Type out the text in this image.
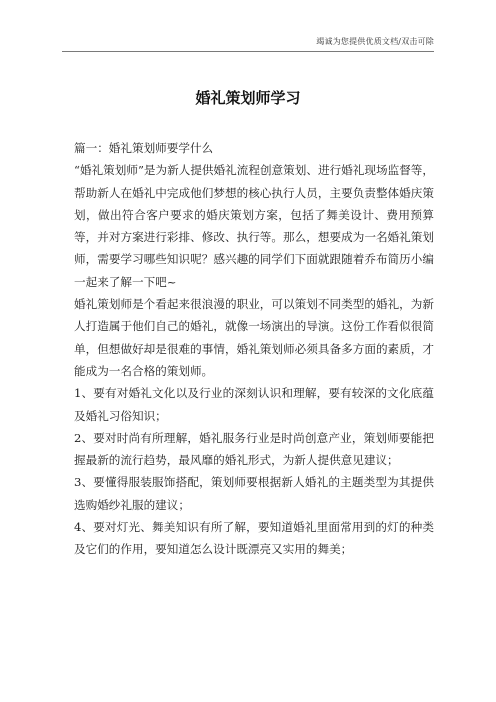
竭诚为您提供优质文档/双击可除
婚礼策划师学习

篇一：婚礼策划师要学什么

“婚礼策划师”是为新人提供婚礼流程创意策划、进行婚礼现场监督等，帮助新人在婚礼中完成他们梦想的核心执行人员，主要负责整体婚庆策划，做出符合客户要求的婚庆策划方案，包括了舞美设计、费用预算等，并对方案进行彩排、修改、执行等。那么，想要成为一名婚礼策划师，需要学习哪些知识呢？感兴趣的同学们下面就跟随着乔布简历小编一起来了解一下吧~

婚礼策划师是个看起来很浪漫的职业，可以策划不同类型的婚礼，为新人打造属于他们自己的婚礼，就像一场演出的导演。这份工作看似很简单，但想做好却是很难的事情，婚礼策划师必须具备多方面的素质，才能成为一名合格的策划师。

1、要有对婚礼文化以及行业的深刻认识和理解，要有较深的文化底蕴及婚礼习俗知识；

2、要对时尚有所理解，婚礼服务行业是时尚创意产业，策划师要能把握最新的流行趋势，最风靡的婚礼形式，为新人提供意见建议；

3、要懂得服装服饰搭配，策划师要根据新人婚礼的主题类型为其提供选购婚纱礼服的建议；

4、要对灯光、舞美知识有所了解，要知道婚礼里面常用到的灯的种类及它们的作用，要知道怎么设计既漂亮又实用的舞美；
